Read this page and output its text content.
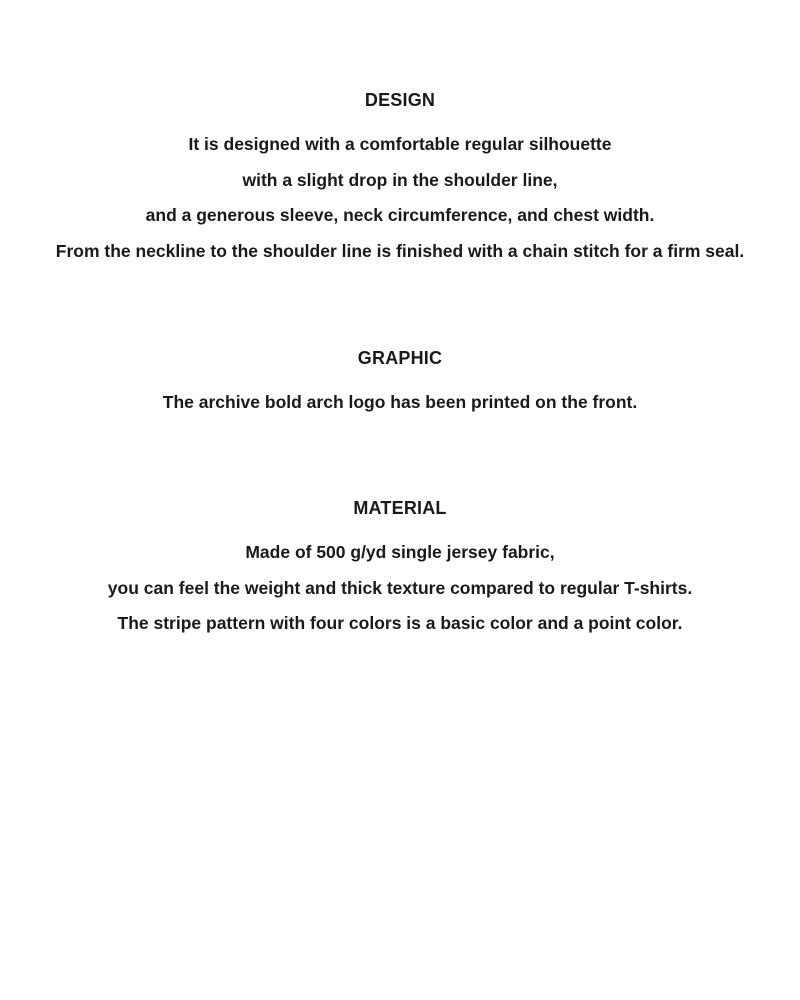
DESIGN

It is designed with a comfortable regular silhouette

with a slight drop in the shoulder line,

and a generous sleeve, neck circumference, and chest width.

From the neckline to the shoulder line is finished with a chain stitch for a firm seal.

GRAPHIC

The archive bold arch logo has been printed on the front.

MATERIAL

Made of 500 g/yd single jersey fabric,

you can feel the weight and thick texture compared to regular T-shirts.

The stripe pattern with four colors is a basic color and a point color.
